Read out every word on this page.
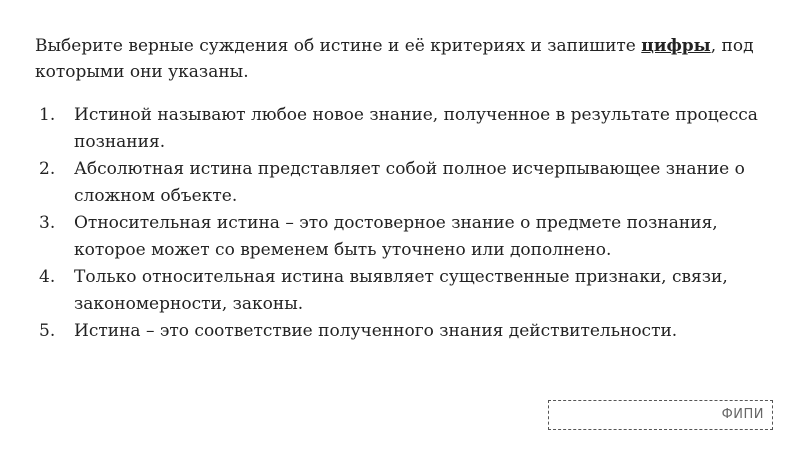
Выберите верные суждения об истине и её критериях и запишите цифры, под которыми они указаны.

1. Истиной называют любое новое знание, полученное в результате процесса познания.
2. Абсолютная истина представляет собой полное исчерпывающее знание о сложном объекте.
3. Относительная истина – это достоверное знание о предмете познания, которое может со временем быть уточнено или дополнено.
4. Только относительная истина выявляет существенные признаки, связи, закономерности, законы.
5. Истина – это соответствие полученного знания действительности.
ФИПИ
